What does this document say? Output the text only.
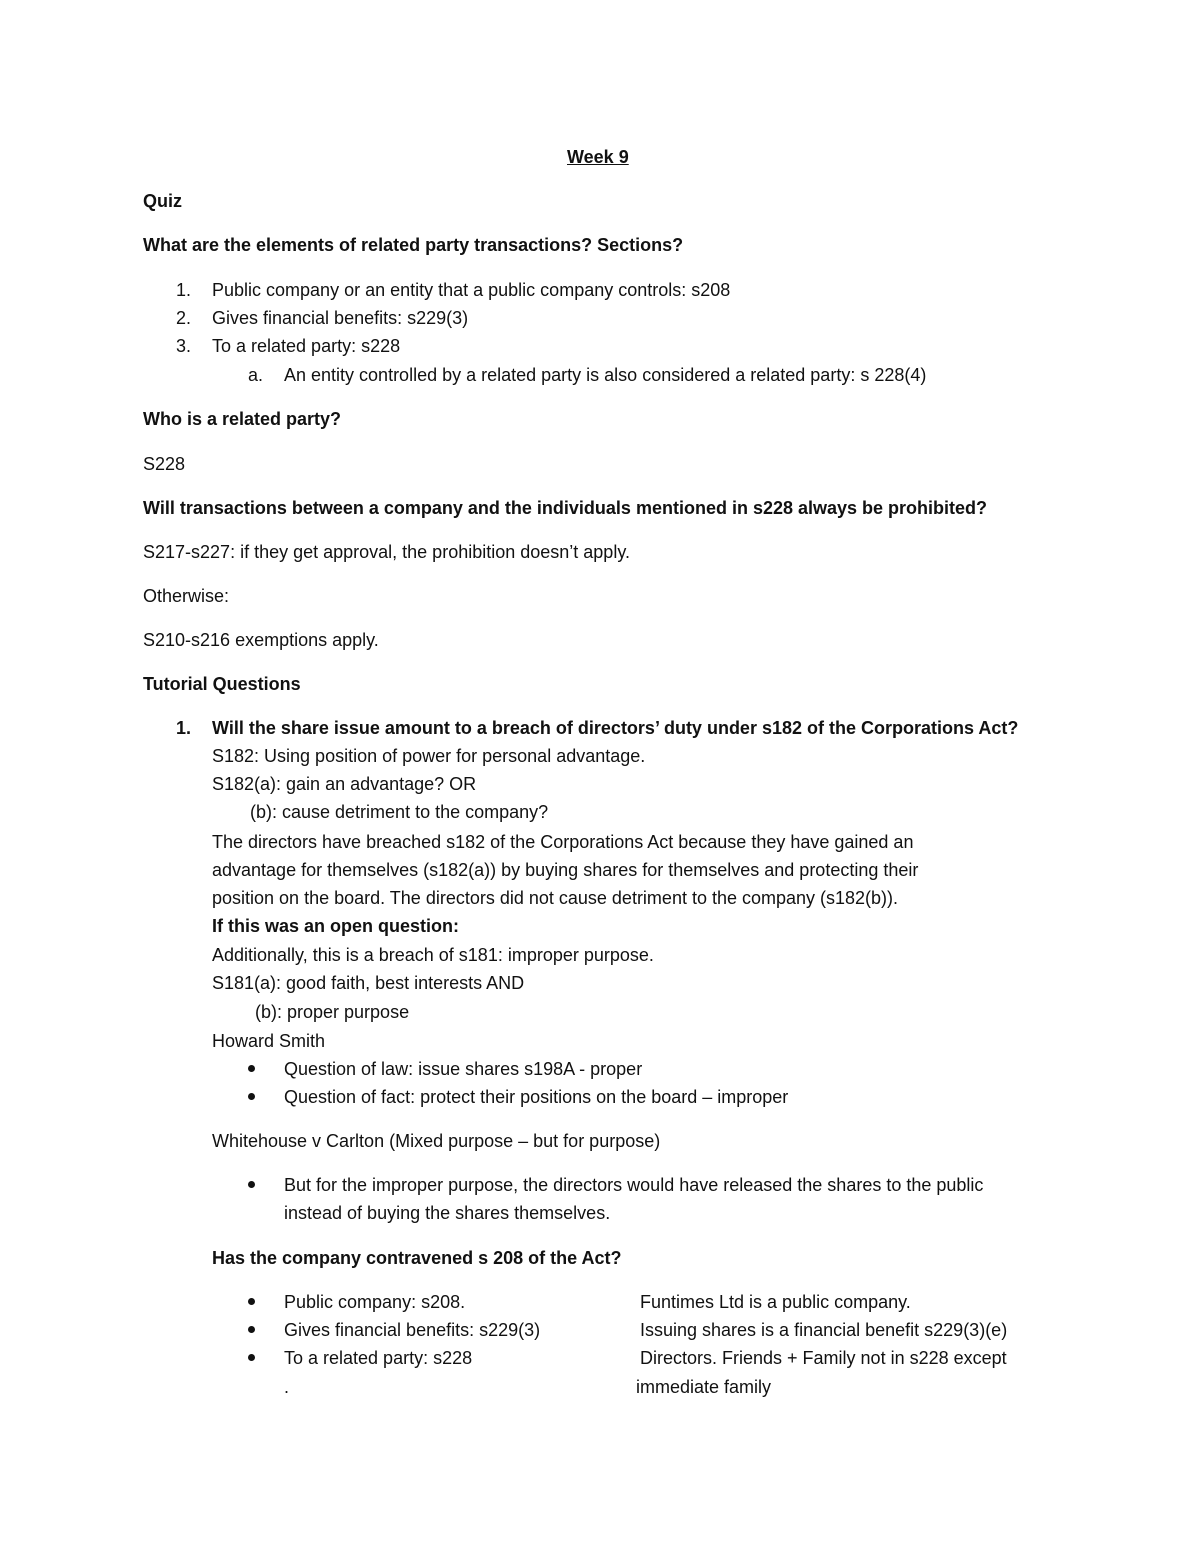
Week 9
Quiz
What are the elements of related party transactions? Sections?
1. Public company or an entity that a public company controls: s208
2. Gives financial benefits: s229(3)
3. To a related party: s228
a. An entity controlled by a related party is also considered a related party: s 228(4)
Who is a related party?
S228
Will transactions between a company and the individuals mentioned in s228 always be prohibited?
S217-s227: if they get approval, the prohibition doesn’t apply.
Otherwise:
S210-s216 exemptions apply.
Tutorial Questions
1. Will the share issue amount to a breach of directors’ duty under s182 of the Corporations Act?
S182: Using position of power for personal advantage.
S182(a): gain an advantage? OR
(b): cause detriment to the company?
The directors have breached s182 of the Corporations Act because they have gained an
advantage for themselves (s182(a)) by buying shares for themselves and protecting their
position on the board. The directors did not cause detriment to the company (s182(b)).
If this was an open question:
Additionally, this is a breach of s181: improper purpose.
S181(a): good faith, best interests AND
(b): proper purpose
Howard Smith
Question of law: issue shares s198A - proper
Question of fact: protect their positions on the board – improper
Whitehouse v Carlton (Mixed purpose – but for purpose)
But for the improper purpose, the directors would have released the shares to the public
instead of buying the shares themselves.
Has the company contravened s 208 of the Act?
Public company: s208.	Funtimes Ltd is a public company.
Gives financial benefits: s229(3)	Issuing shares is a financial benefit s229(3)(e)
To a related party: s228	Directors. Friends + Family not in s228 except
.	immediate family
